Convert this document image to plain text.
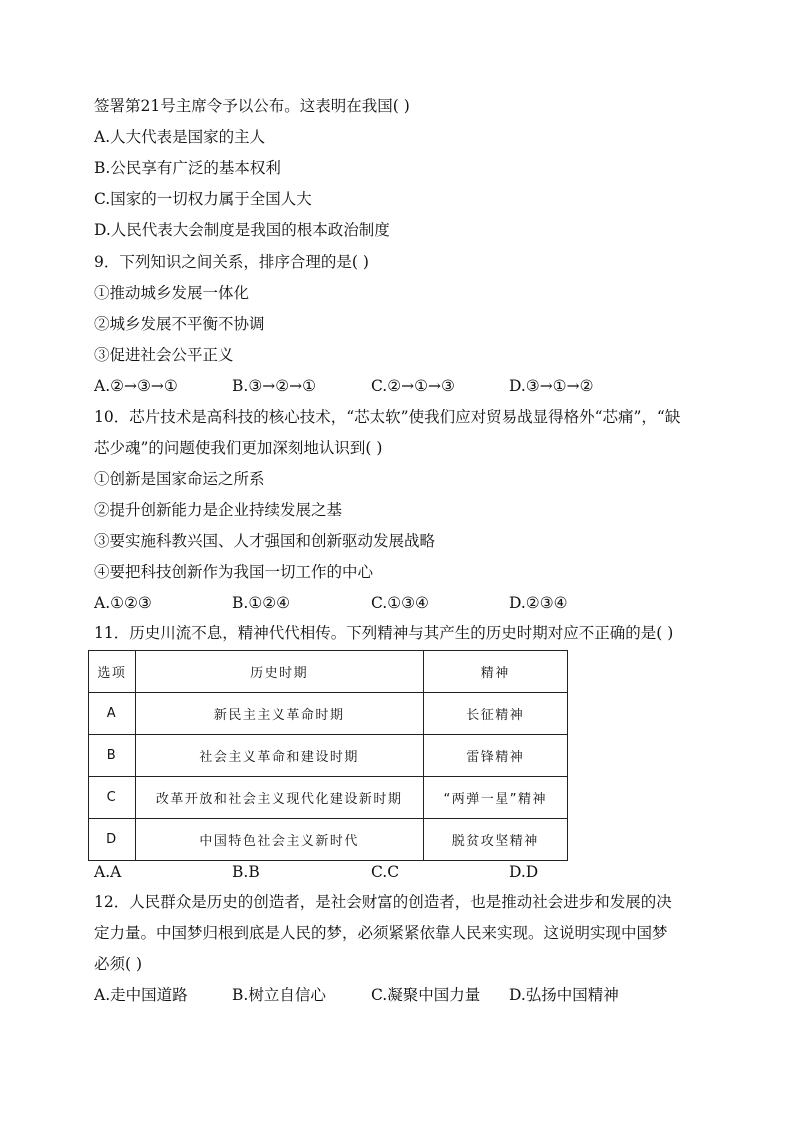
签署第21号主席令予以公布。这表明在我国( )
A.人大代表是国家的主人
B.公民享有广泛的基本权利
C.国家的一切权力属于全国人大
D.人民代表大会制度是我国的根本政治制度
9．下列知识之间关系，排序合理的是( )
①推动城乡发展一体化
②城乡发展不平衡不协调
③促进社会公平正义
A.②→③→①	B.③→②→①	C.②→①→③	D.③→①→②
10．芯片技术是高科技的核心技术，“芯太软”使我们应对贸易战显得格外“芯痛”，“缺
芯少魂”的问题使我们更加深刻地认识到( )
①创新是国家命运之所系
②提升创新能力是企业持续发展之基
③要实施科教兴国、人才强国和创新驱动发展战略
④要把科技创新作为我国一切工作的中心
A.①②③	B.①②④	C.①③④	D.②③④
11．历史川流不息，精神代代相传。下列精神与其产生的历史时期对应不正确的是( )
选项	历史时期	精神
A	新民主主义革命时期	长征精神
B	社会主义革命和建设时期	雷锋精神
C	改革开放和社会主义现代化建设新时期	“两弹一星”精神
D	中国特色社会主义新时代	脱贫攻坚精神
A.A	B.B	C.C	D.D
12．人民群众是历史的创造者，是社会财富的创造者，也是推动社会进步和发展的决
定力量。中国梦归根到底是人民的梦，必须紧紧依靠人民来实现。这说明实现中国梦
必须( )
A.走中国道路	B.树立自信心	C.凝聚中国力量 D.弘扬中国精神
